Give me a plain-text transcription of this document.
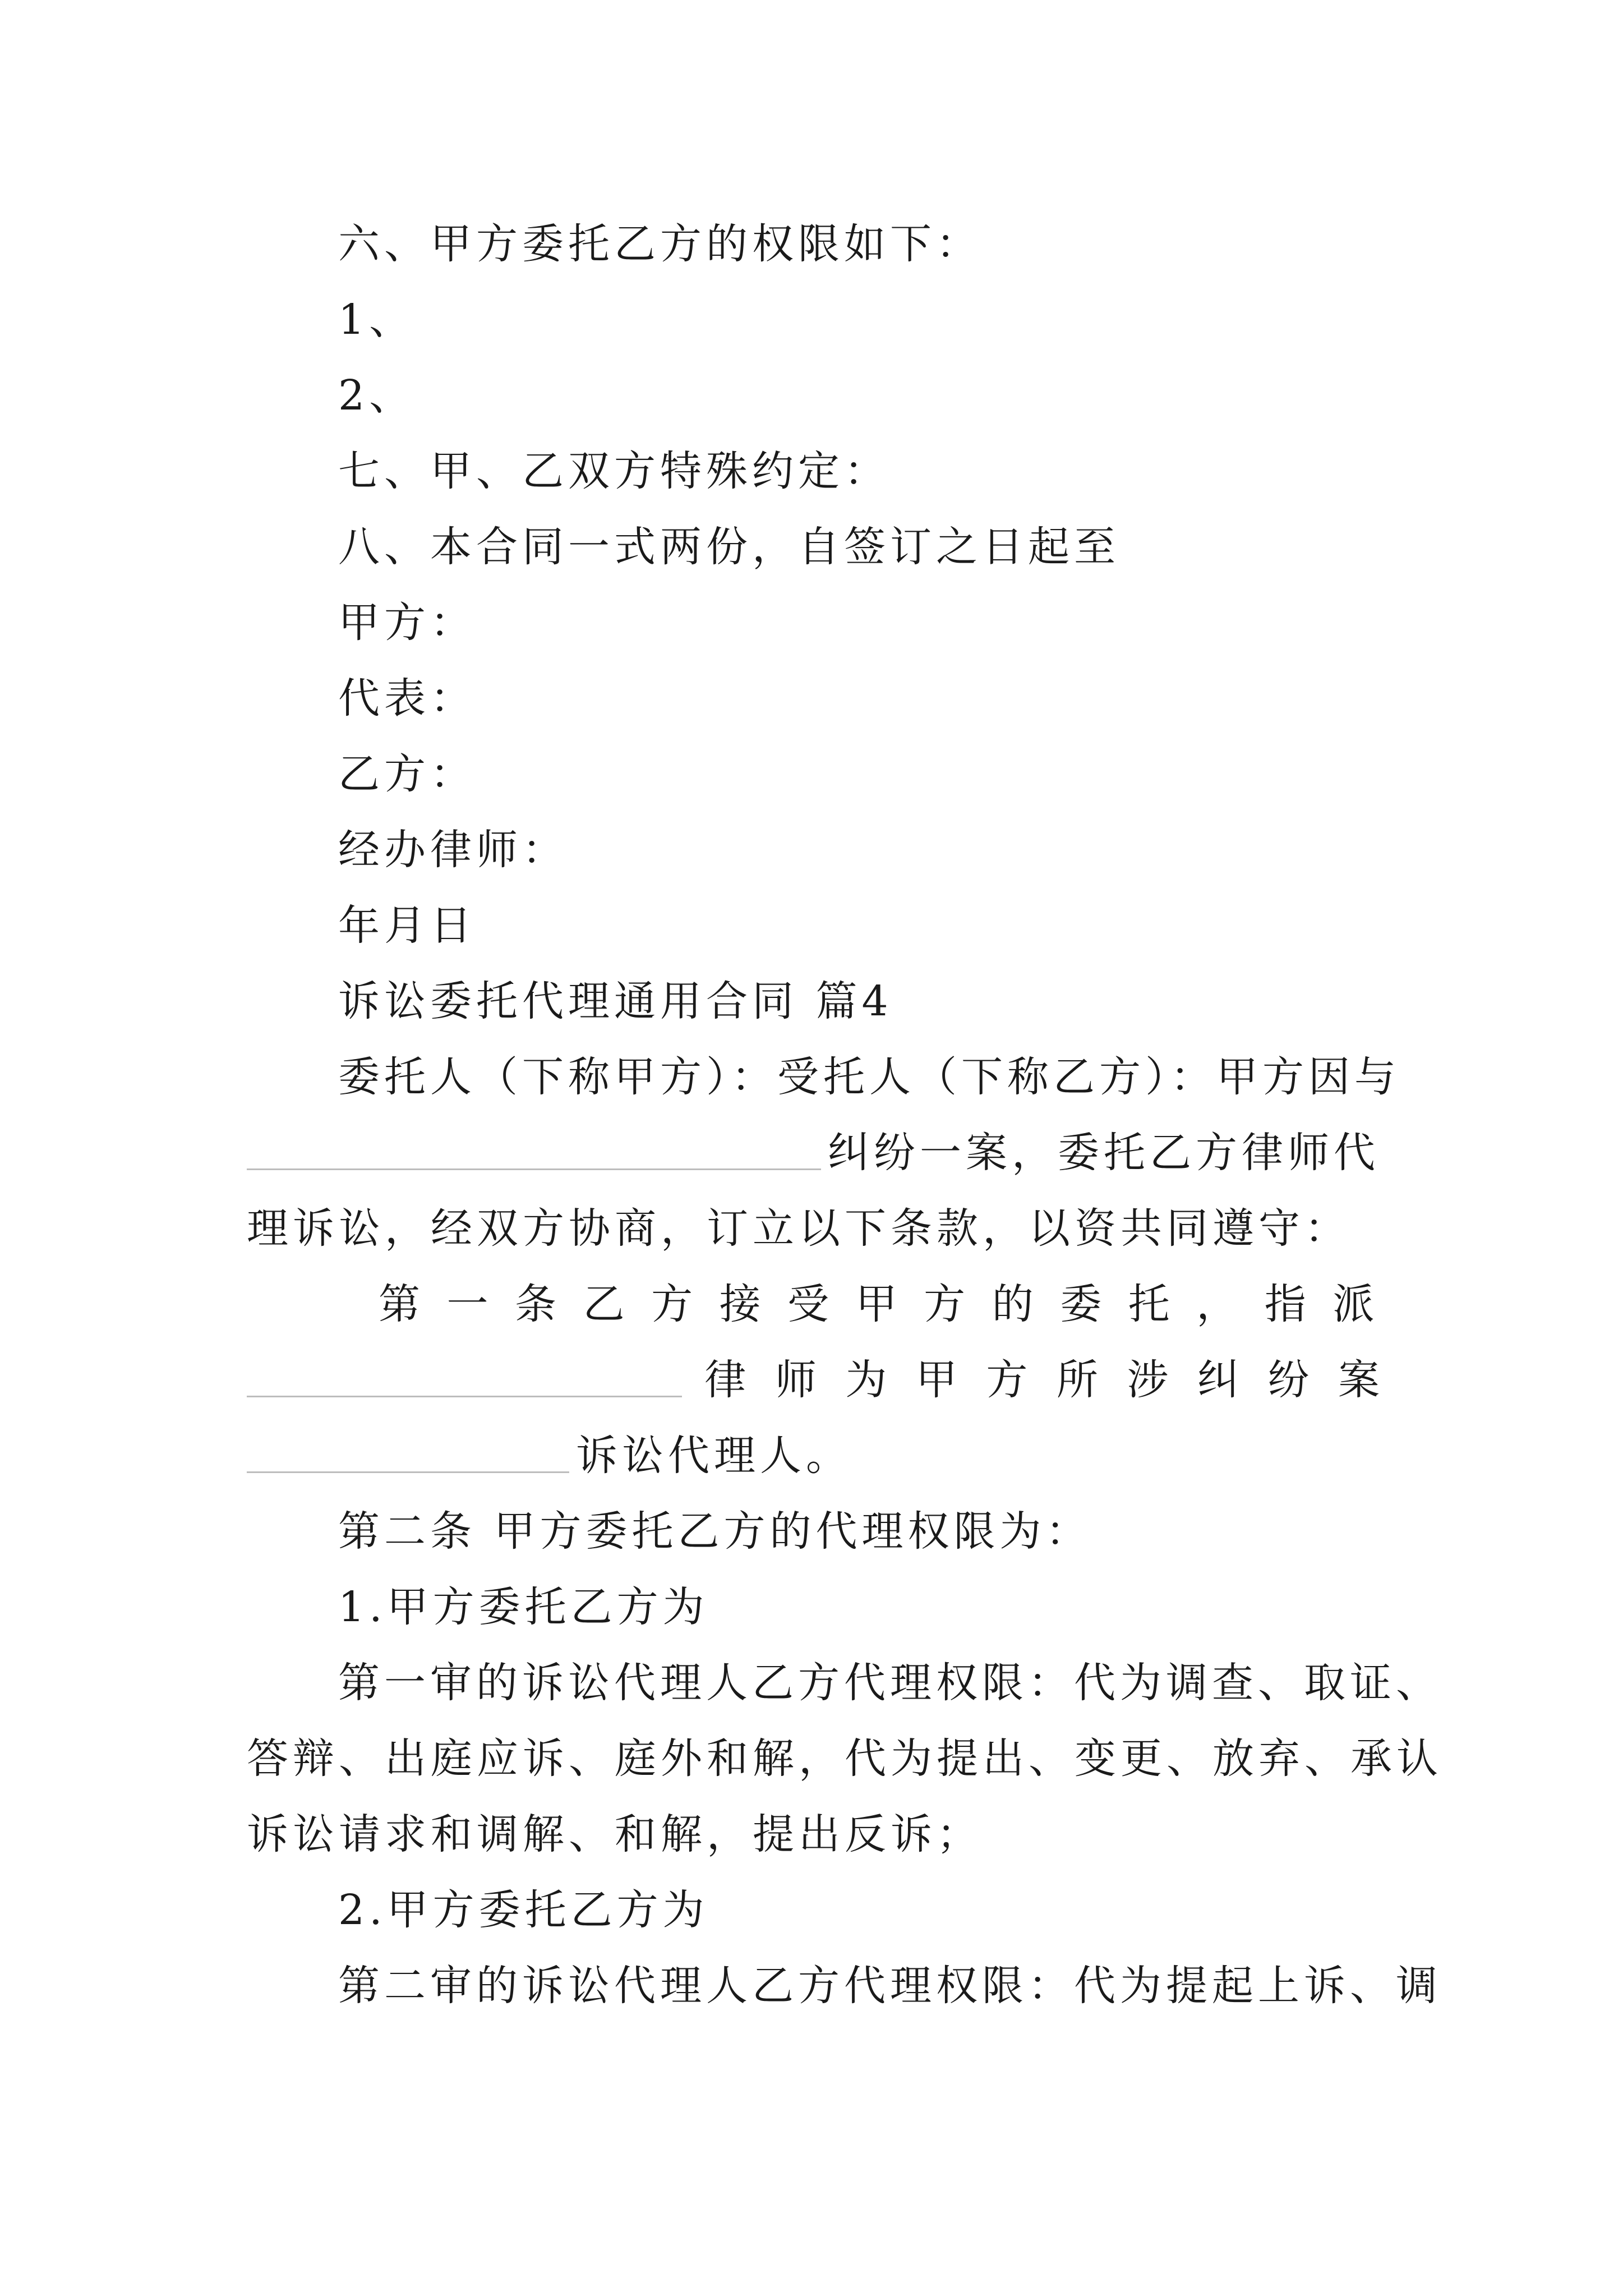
六、甲方委托乙方的权限如下：
1、
2、
七、甲、乙双方特殊约定：
八、本合同一式两份，自签订之日起至
甲方：
代表：
乙方：
经办律师：
年月日
诉讼委托代理通用合同 篇4
委托人（下称甲方）：受托人（下称乙方）：甲方因与
纠纷一案，委托乙方律师代
理诉讼，经双方协商，订立以下条款，以资共同遵守：
第 一 条 乙 方 接 受 甲 方 的 委 托 ， 指 派
律 师 为 甲 方 所 涉 纠 纷 案
诉讼代理人。
第二条 甲方委托乙方的代理权限为：
1.甲方委托乙方为
第一审的诉讼代理人乙方代理权限：代为调查、取证、
答辩、出庭应诉、庭外和解，代为提出、变更、放弃、承认
诉讼请求和调解、和解，提出反诉；
2.甲方委托乙方为
第二审的诉讼代理人乙方代理权限：代为提起上诉、调
